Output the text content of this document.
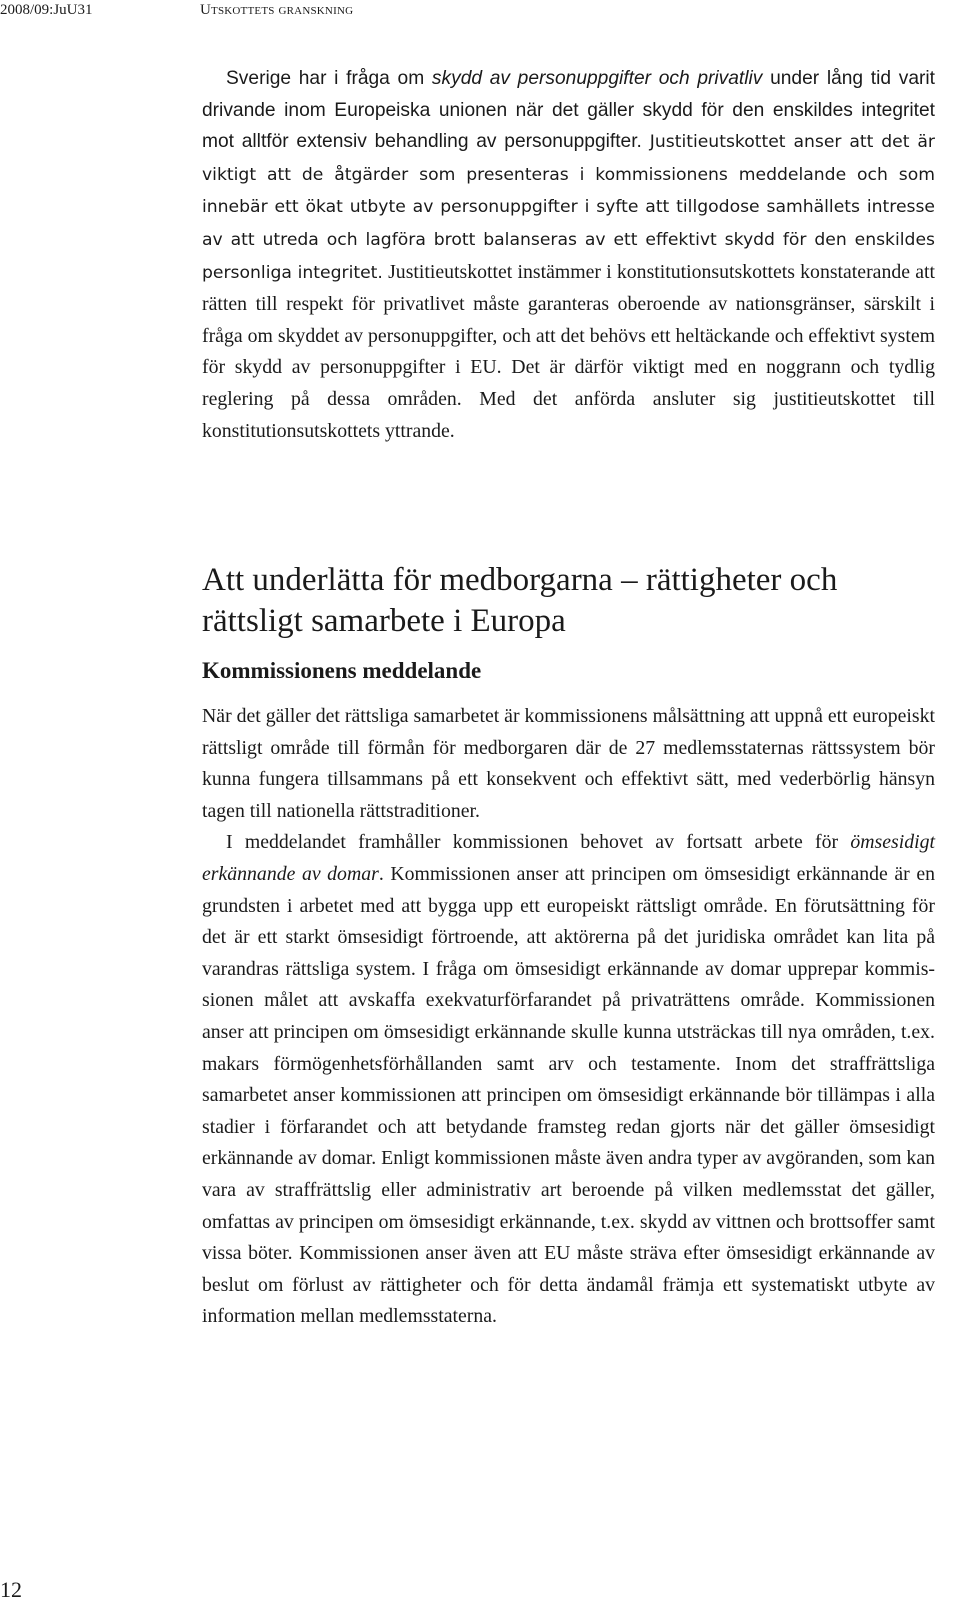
2008/09:JuU31	Utskottets granskning

Sverige har i fråga om skydd av personuppgifter och privatliv under lång tid varit drivande inom Europeiska unionen när det gäller skydd för den enskildes integritet mot alltför extensiv behandling av personuppgifter. Justitieutskottet anser att det är viktigt att de åtgärder som presenteras i kommissionens meddelande och som innebär ett ökat utbyte av personuppgifter i syfte att tillgodose samhällets intresse av att utreda och lagföra brott balanseras av ett effektivt skydd för den enskildes personliga integritet. Justitieutskottet instämmer i konstitutionsutskottets konstaterande att rätten till respekt för privatlivet måste garanteras oberoende av nationsgränser, särskilt i fråga om skyddet av personuppgifter, och att det behövs ett heltäckande och effektivt system för skydd av personuppgifter i EU. Det är därför viktigt med en noggrann och tydlig reglering på dessa områden. Med det anförda ansluter sig justitieutskottet till konstitutionsutskottets yttrande.

Att underlätta för medborgarna – rättigheter och
rättsligt samarbete i Europa
Kommissionens meddelande

När det gäller det rättsliga samarbetet är kommissionens målsättning att uppnå ett europeiskt rättsligt område till förmån för medborgaren där de 27 medlemsstaternas rättssystem bör kunna fungera tillsammans på ett konsekvent och effektivt sätt, med vederbörlig hänsyn tagen till nationella rättstraditioner.

I meddelandet framhåller kommissionen behovet av fortsatt arbete för ömsesidigt erkännande av domar. Kommissionen anser att principen om ömsesidigt erkännande är en grundsten i arbetet med att bygga upp ett europeiskt rättsligt område. En förutsättning för det är ett starkt ömsesidigt förtroende, att aktörerna på det juridiska området kan lita på varandras rättsliga system. I fråga om ömsesidigt erkännande av domar upprepar kommissionen målet att avskaffa exekvaturförfarandet på privaträttens område. Kommissionen anser att principen om ömsesidigt erkännande skulle kunna utsträckas till nya områden, t.ex. makars förmögenhetsförhållanden samt arv och testamente. Inom det straffrättsliga samarbetet anser kommissionen att principen om ömsesidigt erkännande bör tillämpas i alla stadier i förfarandet och att betydande framsteg redan gjorts när det gäller ömsesidigt erkännande av domar. Enligt kommissionen måste även andra typer av avgöranden, som kan vara av straffrättslig eller administrativ art beroende på vilken medlemsstat det gäller, omfattas av principen om ömsesidigt erkännande, t.ex. skydd av vittnen och brottsoffer samt vissa böter. Kommissionen anser även att EU måste sträva efter ömsesidigt erkännande av beslut om förlust av rättigheter och för detta ändamål främja ett systematiskt utbyte av information mellan medlemsstaterna.

12
